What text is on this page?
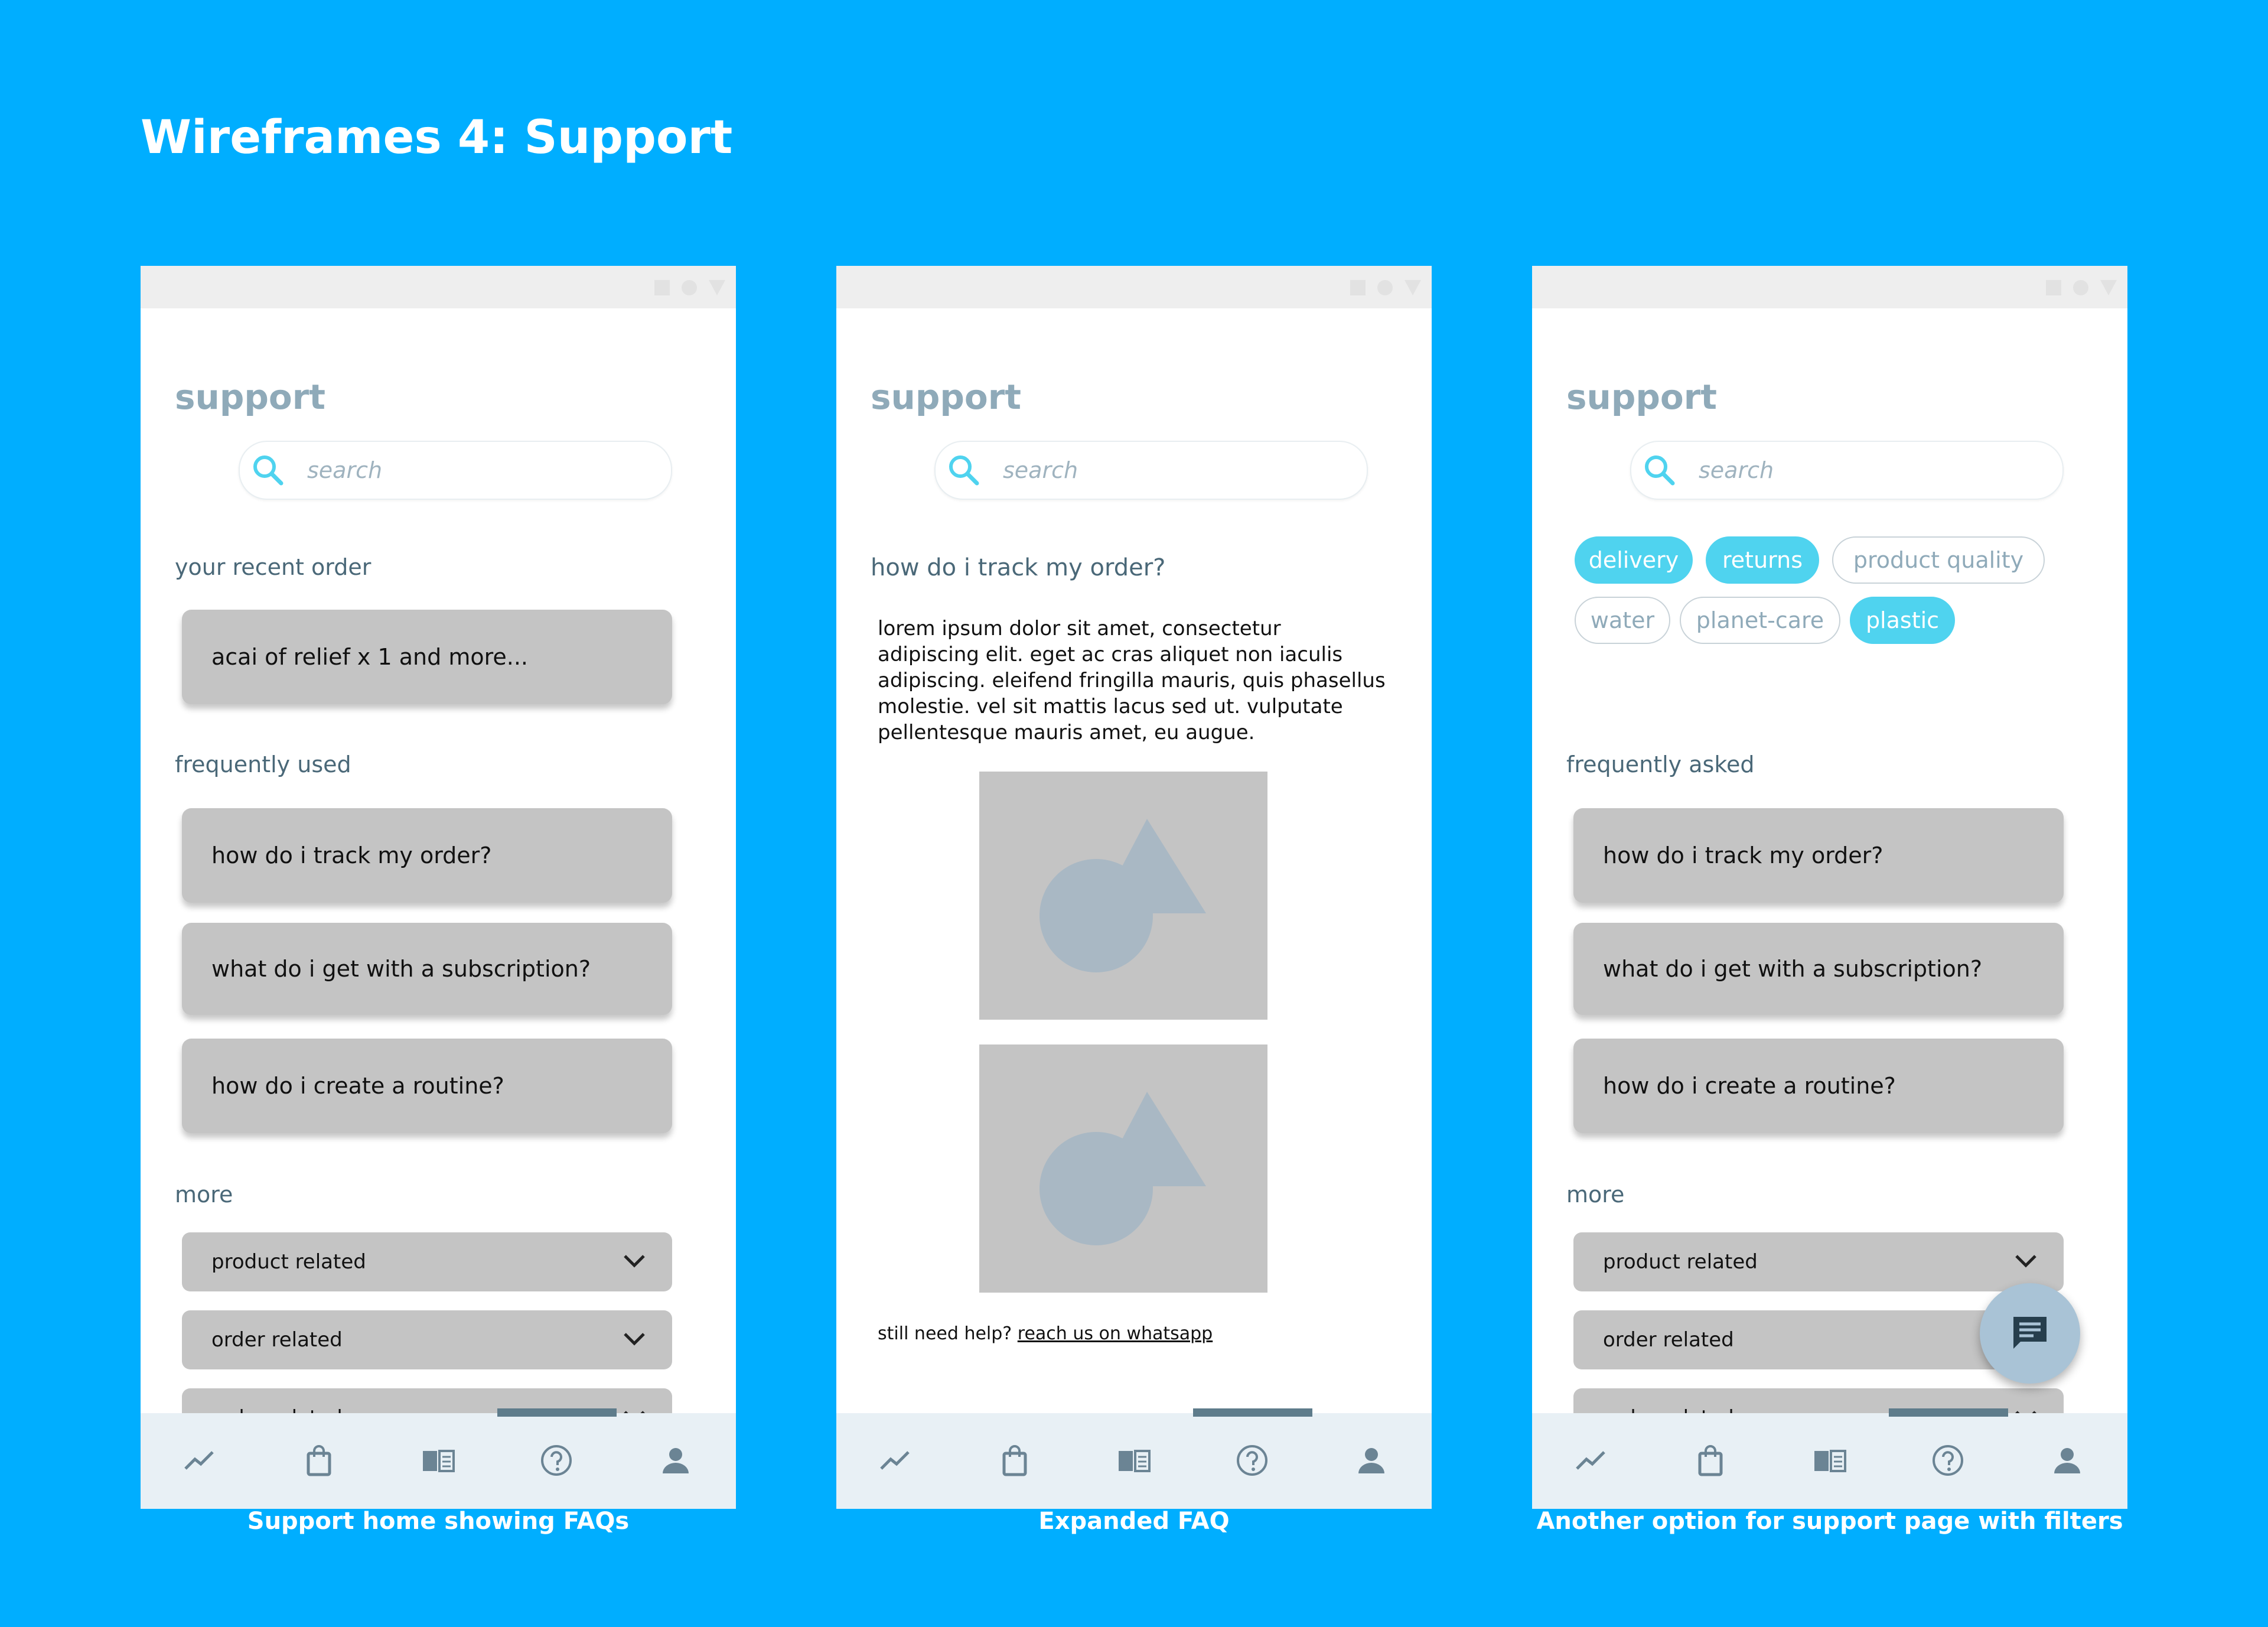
Wireframes 4: Support
support
search
your recent order
acai of relief x 1 and more...
frequently used
how do i track my order?
what do i get with a subscription?
how do i create a routine?
more
product related
order related
Support home showing FAQs
support
search
how do i track my order?
lorem ipsum dolor sit amet, consectetur adipiscing elit. eget ac cras aliquet non iaculis adipiscing. eleifend fringilla mauris, quis phasellus molestie. vel sit mattis lacus sed ut. vulputate pellentesque mauris amet, eu augue.
still need help? reach us on whatsapp
Expanded FAQ
support
search
delivery	returns	product quality
water	planet-care	plastic
frequently asked
how do i track my order?
what do i get with a subscription?
how do i create a routine?
more
product related
order related
Another option for support page with filters
